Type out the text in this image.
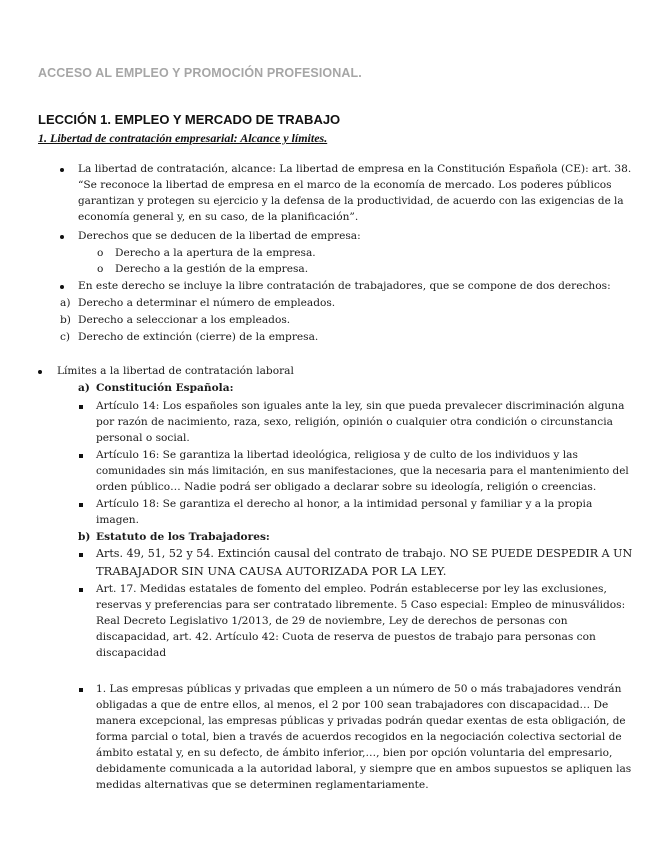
ACCESO AL EMPLEO Y PROMOCIÓN PROFESIONAL.
LECCIÓN 1. EMPLEO Y MERCADO DE TRABAJO
1. Libertad de contratación empresarial: Alcance y límites.
La libertad de contratación, alcance: La libertad de empresa en la Constitución Española (CE): art. 38.
“Se reconoce la libertad de empresa en el marco de la economía de mercado. Los poderes públicos
garantizan y protegen su ejercicio y la defensa de la productividad, de acuerdo con las exigencias de la
economía general y, en su caso, de la planificación”.
Derechos que se deducen de la libertad de empresa:
o Derecho a la apertura de la empresa.
o Derecho a la gestión de la empresa.
En este derecho se incluye la libre contratación de trabajadores, que se compone de dos derechos:
a) Derecho a determinar el número de empleados.
b) Derecho a seleccionar a los empleados.
c) Derecho de extinción (cierre) de la empresa.
Límites a la libertad de contratación laboral
a) Constitución Española:
Artículo 14: Los españoles son iguales ante la ley, sin que pueda prevalecer discriminación alguna
por razón de nacimiento, raza, sexo, religión, opinión o cualquier otra condición o circunstancia
personal o social.
Artículo 16: Se garantiza la libertad ideológica, religiosa y de culto de los individuos y las
comunidades sin más limitación, en sus manifestaciones, que la necesaria para el mantenimiento del
orden público… Nadie podrá ser obligado a declarar sobre su ideología, religión o creencias.
Artículo 18: Se garantiza el derecho al honor, a la intimidad personal y familiar y a la propia
imagen.
b) Estatuto de los Trabajadores:
Arts. 49, 51, 52 y 54. Extinción causal del contrato de trabajo. NO SE PUEDE DESPEDIR A UN
TRABAJADOR SIN UNA CAUSA AUTORIZADA POR LA LEY.
Art. 17. Medidas estatales de fomento del empleo. Podrán establecerse por ley las exclusiones,
reservas y preferencias para ser contratado libremente. 5 Caso especial: Empleo de minusválidos:
Real Decreto Legislativo 1/2013, de 29 de noviembre, Ley de derechos de personas con
discapacidad, art. 42. Artículo 42: Cuota de reserva de puestos de trabajo para personas con
discapacidad
1. Las empresas públicas y privadas que empleen a un número de 50 o más trabajadores vendrán
obligadas a que de entre ellos, al menos, el 2 por 100 sean trabajadores con discapacidad… De
manera excepcional, las empresas públicas y privadas podrán quedar exentas de esta obligación, de
forma parcial o total, bien a través de acuerdos recogidos en la negociación colectiva sectorial de
ámbito estatal y, en su defecto, de ámbito inferior,…, bien por opción voluntaria del empresario,
debidamente comunicada a la autoridad laboral, y siempre que en ambos supuestos se apliquen las
medidas alternativas que se determinen reglamentariamente.
